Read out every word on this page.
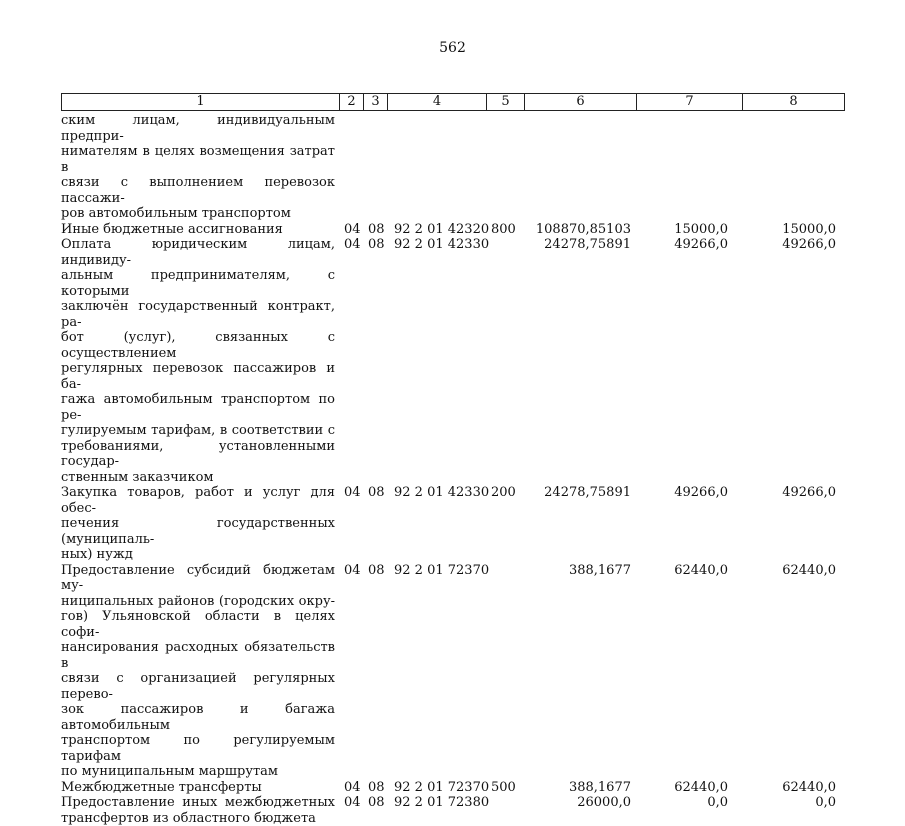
562
1	2	3	4	5	6	7	8
ским лицам, индивидуальным предпри-
нимателям в целях возмещения затрат в
связи с выполнением перевозок пассажи-
ров автомобильным транспортом
Иные бюджетные ассигнования	04 08 92 2 01 42320 800 108870,85103	15000,0	15000,0
Оплата юридическим лицам, индивиду-
альным предпринимателям, с которыми
заключён государственный контракт, ра-
бот (услуг), связанных с осуществлением
регулярных перевозок пассажиров и ба-
гажа автомобильным транспортом по ре-
гулируемым тарифам, в соответствии с
требованиями, установленными государ-
ственным заказчиком
04 08 92 2 01 42330	24278,75891	49266,0	49266,0
Закупка товаров, работ и услуг для обес-
печения государственных (муниципаль-
ных) нужд
04 08 92 2 01 42330 200	24278,75891	49266,0	49266,0
Предоставление субсидий бюджетам му-
ниципальных районов (городских окру-
гов) Ульяновской области в целях софи-
нансирования расходных обязательств в
связи с организацией регулярных перево-
зок пассажиров и багажа автомобильным
транспортом по регулируемым тарифам
по муниципальным маршрутам
04 08 92 2 01 72370	388,1677	62440,0	62440,0
Межбюджетные трансферты	04 08 92 2 01 72370 500	388,1677	62440,0	62440,0
Предоставление иных межбюджетных
трансфертов из областного бюджета
04 08 92 2 01 72380	26000,0	0,0	0,0
